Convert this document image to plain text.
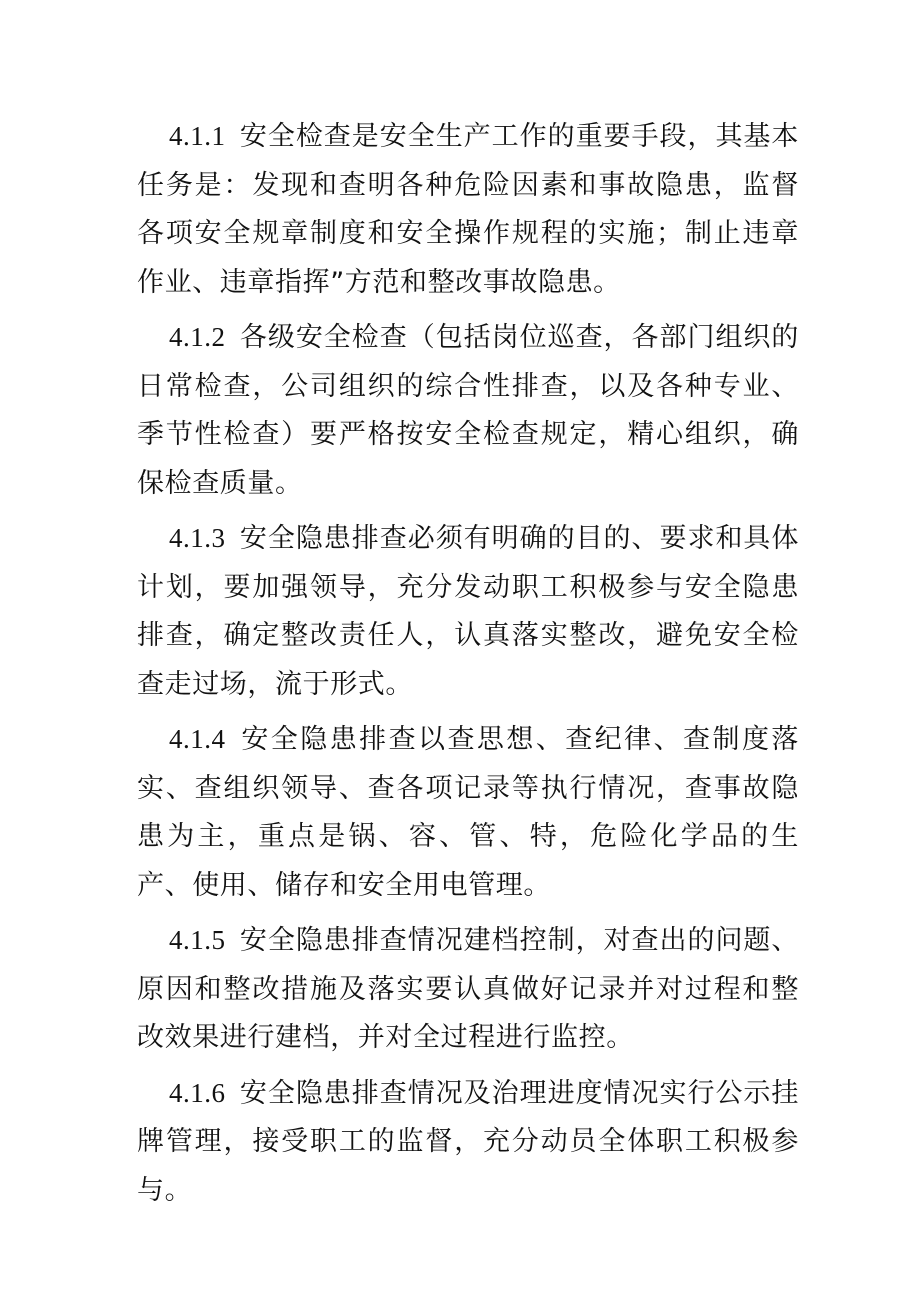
4.1.1 安全检查是安全生产工作的重要手段，其基本任务是：发现和查明各种危险因素和事故隐患，监督各项安全规章制度和安全操作规程的实施；制止违章作业、违章指挥”方范和整改事故隐患。

4.1.2 各级安全检查（包括岗位巡查，各部门组织的日常检查，公司组织的综合性排查，以及各种专业、季节性检查）要严格按安全检查规定，精心组织，确保检查质量。

4.1.3 安全隐患排查必须有明确的目的、要求和具体计划，要加强领导，充分发动职工积极参与安全隐患排查，确定整改责任人，认真落实整改，避免安全检查走过场，流于形式。

4.1.4 安全隐患排查以查思想、查纪律、查制度落实、查组织领导、查各项记录等执行情况，查事故隐患为主，重点是锅、容、管、特，危险化学品的生产、使用、储存和安全用电管理。

4.1.5 安全隐患排查情况建档控制，对查出的问题、原因和整改措施及落实要认真做好记录并对过程和整改效果进行建档，并对全过程进行监控。

4.1.6 安全隐患排查情况及治理进度情况实行公示挂牌管理，接受职工的监督，充分动员全体职工积极参与。
